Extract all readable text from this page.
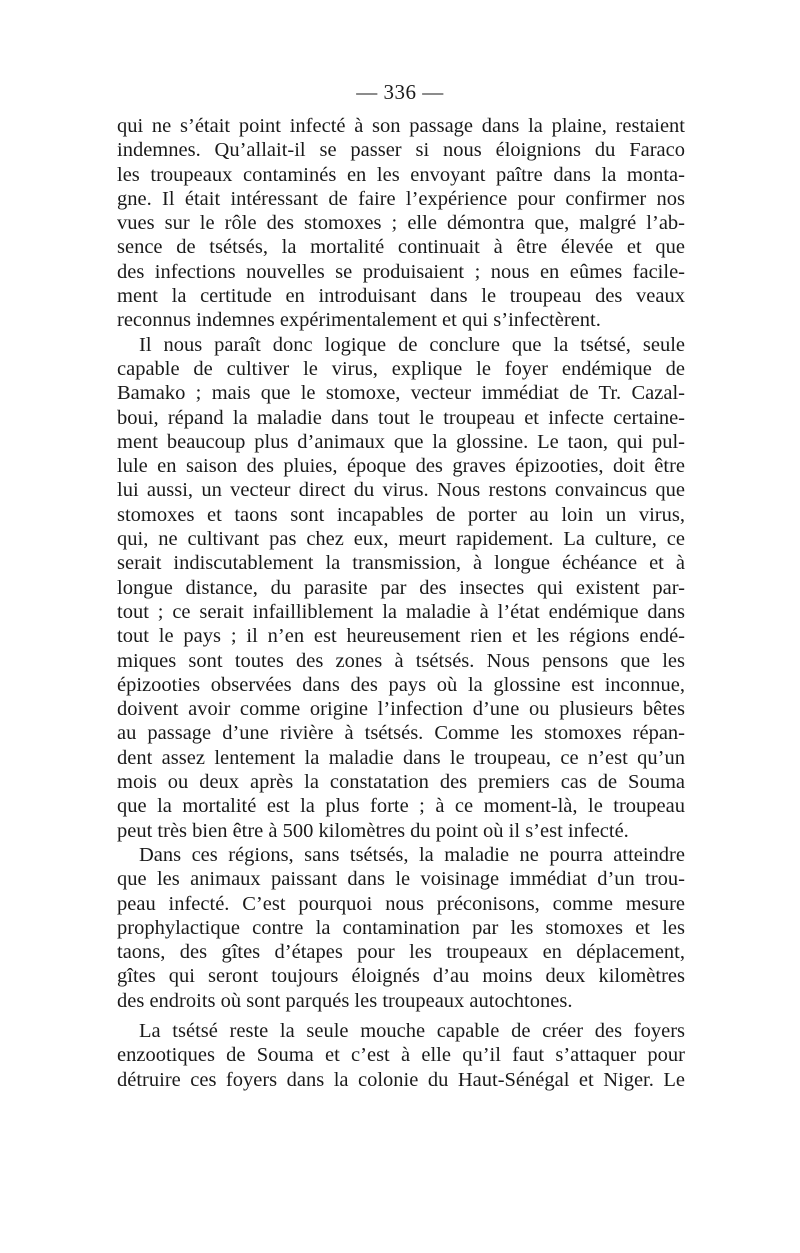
— 336 —
qui ne s’était point infecté à son passage dans la plaine, restaient
indemnes. Qu’allait-il se passer si nous éloignions du Faraco
les troupeaux contaminés en les envoyant paître dans la monta-
gne. Il était intéressant de faire l’expérience pour confirmer nos
vues sur le rôle des stomoxes ; elle démontra que, malgré l’ab-
sence de tsétsés, la mortalité continuait à être élevée et que
des infections nouvelles se produisaient ; nous en eûmes facile-
ment la certitude en introduisant dans le troupeau des veaux
reconnus indemnes expérimentalement et qui s’infectèrent.
Il nous paraît donc logique de conclure que la tsétsé, seule
capable de cultiver le virus, explique le foyer endémique de
Bamako ; mais que le stomoxe, vecteur immédiat de Tr. Cazal-
boui, répand la maladie dans tout le troupeau et infecte certaine-
ment beaucoup plus d’animaux que la glossine. Le taon, qui pul-
lule en saison des pluies, époque des graves épizooties, doit être
lui aussi, un vecteur direct du virus. Nous restons convaincus que
stomoxes et taons sont incapables de porter au loin un virus,
qui, ne cultivant pas chez eux, meurt rapidement. La culture, ce
serait indiscutablement la transmission, à longue échéance et à
longue distance, du parasite par des insectes qui existent par-
tout ; ce serait infailliblement la maladie à l’état endémique dans
tout le pays ; il n’en est heureusement rien et les régions endé-
miques sont toutes des zones à tsétsés. Nous pensons que les
épizooties observées dans des pays où la glossine est inconnue,
doivent avoir comme origine l’infection d’une ou plusieurs bêtes
au passage d’une rivière à tsétsés. Comme les stomoxes répan-
dent assez lentement la maladie dans le troupeau, ce n’est qu’un
mois ou deux après la constatation des premiers cas de Souma
que la mortalité est la plus forte ; à ce moment-là, le troupeau
peut très bien être à 500 kilomètres du point où il s’est infecté.
Dans ces régions, sans tsétsés, la maladie ne pourra atteindre
que les animaux paissant dans le voisinage immédiat d’un trou-
peau infecté. C’est pourquoi nous préconisons, comme mesure
prophylactique contre la contamination par les stomoxes et les
taons, des gîtes d’étapes pour les troupeaux en déplacement,
gîtes qui seront toujours éloignés d’au moins deux kilomètres
des endroits où sont parqués les troupeaux autochtones.
La tsétsé reste la seule mouche capable de créer des foyers
enzootiques de Souma et c’est à elle qu’il faut s’attaquer pour
détruire ces foyers dans la colonie du Haut-Sénégal et Niger. Le
